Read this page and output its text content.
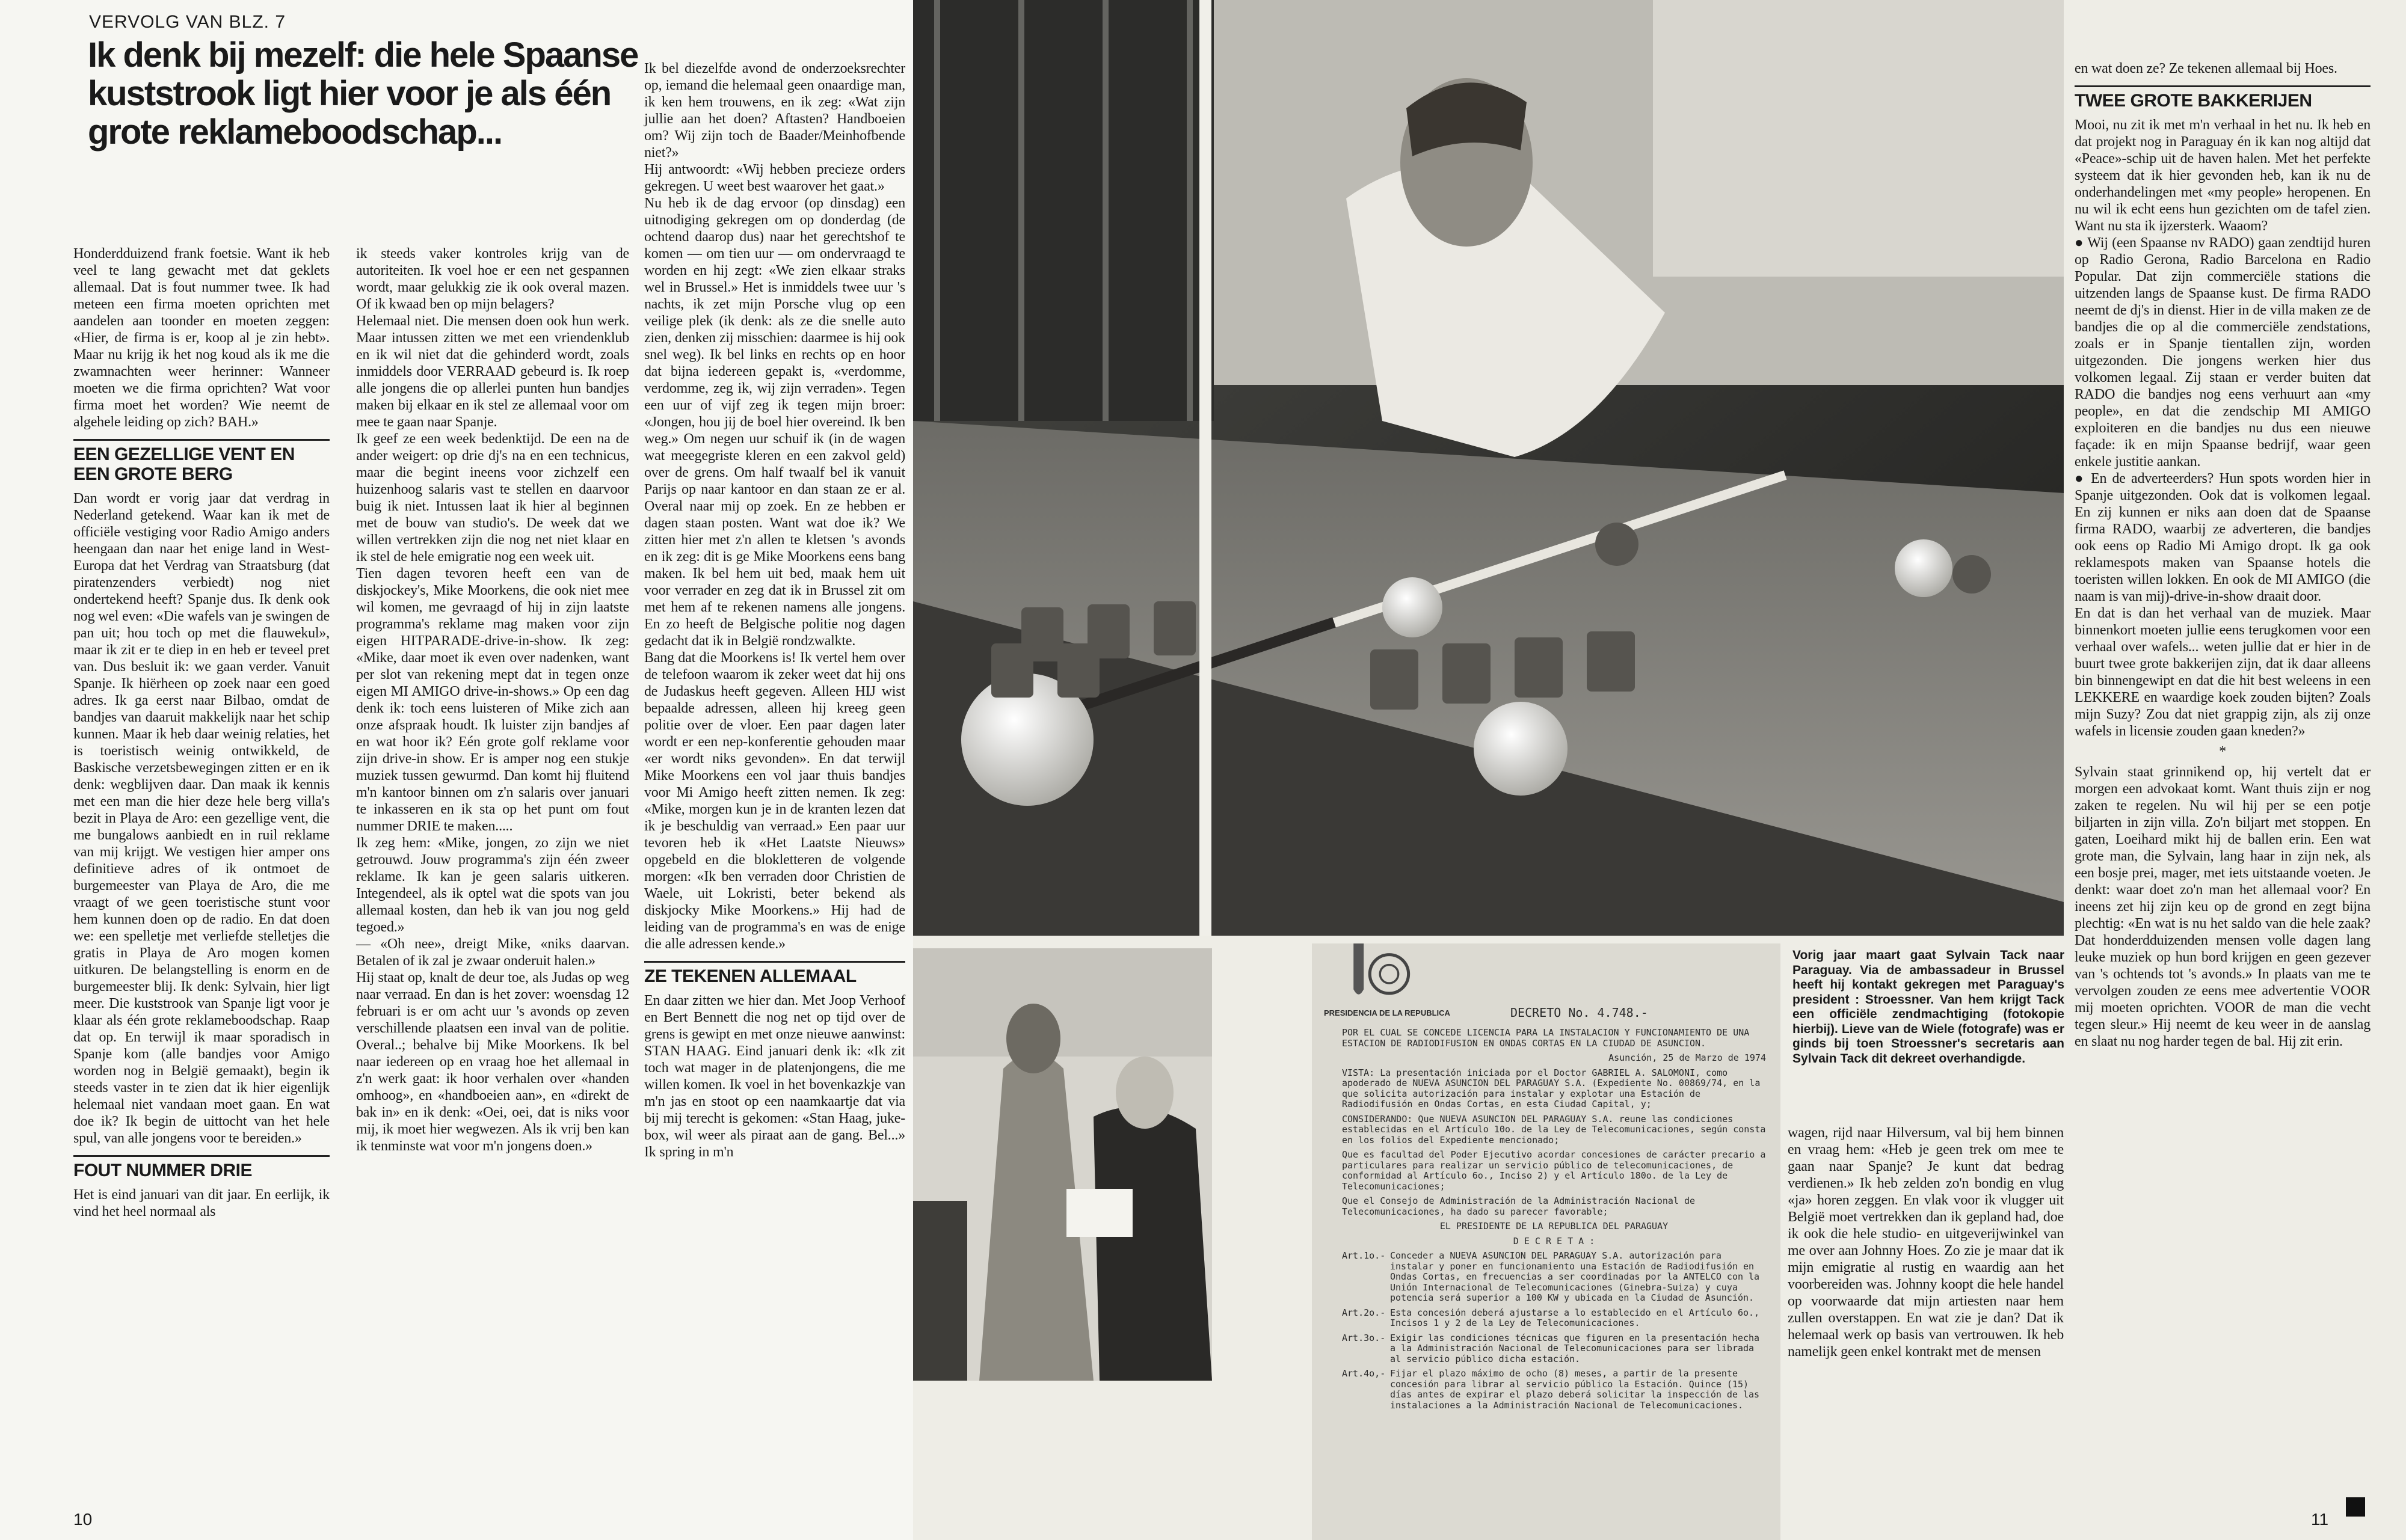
VERVOLG VAN BLZ. 7
Ik denk bij mezelf: die hele Spaanse kuststrook ligt hier voor je als één grote reklameboodschap...

Honderdduizend frank foetsie. Want ik heb veel te lang gewacht met dat geklets allemaal. Dat is fout nummer twee. Ik had meteen een firma moeten oprichten met aandelen aan toonder en moeten zeggen: «Hier, de firma is er, koop al je zin hebt». Maar nu krijg ik het nog koud als ik me die zwamnachten weer herinner: Wanneer moeten we die firma oprichten? Wat voor firma moet het worden? Wie neemt de algehele leiding op zich? BAH.»

EEN GEZELLIGE VENT EN EEN GROTE BERG

Dan wordt er vorig jaar dat verdrag in Nederland getekend. Waar kan ik met de officiële vestiging voor Radio Amigo anders heengaan dan naar het enige land in West-Europa dat het Verdrag van Straatsburg (dat piratenzenders verbiedt) nog niet ondertekend heeft? Spanje dus. Ik denk ook nog wel even: «Die wafels van je swingen de pan uit; hou toch op met die flauwekul», maar ik zit er te diep in en heb er teveel pret van. Dus besluit ik: we gaan verder. Vanuit Spanje. Ik hiërheen op zoek naar een goed adres. Ik ga eerst naar Bilbao, omdat de bandjes van daaruit makkelijk naar het schip kunnen. Maar ik heb daar weinig relaties, het is toeristisch weinig ontwikkeld, de Baskische verzetsbewegingen zitten er en ik denk: wegblijven daar. Dan maak ik kennis met een man die hier deze hele berg villa's bezit in Playa de Aro: een gezellige vent, die me bungalows aanbiedt en in ruil reklame van mij krijgt. We vestigen hier amper ons definitieve adres of ik ontmoet de burgemeester van Playa de Aro, die me vraagt of we geen toeristische stunt voor hem kunnen doen op de radio. En dat doen we: een spelletje met verliefde stelletjes die gratis in Playa de Aro mogen komen uitkuren. De belangstelling is enorm en de burgemeester blij. Ik denk: Sylvain, hier ligt meer. Die kuststrook van Spanje ligt voor je klaar als één grote reklameboodschap. Raap dat op. En terwijl ik maar sporadisch in Spanje kom (alle bandjes voor Amigo worden nog in België gemaakt), begin ik steeds vaster in te zien dat ik hier eigenlijk helemaal niet vandaan moet gaan. En wat doe ik? Ik begin de uittocht van het hele spul, van alle jongens voor te bereiden.»

FOUT NUMMER DRIE

Het is eind januari van dit jaar. En eerlijk, ik vind het heel normaal als

ik steeds vaker kontroles krijg van de autoriteiten. Ik voel hoe er een net gespannen wordt, maar gelukkig zie ik ook overal mazen. Of ik kwaad ben op mijn belagers?

Helemaal niet. Die mensen doen ook hun werk. Maar intussen zitten we met een vriendenklub en ik wil niet dat die gehinderd wordt, zoals inmiddels door VERRAAD gebeurd is. Ik roep alle jongens die op allerlei punten hun bandjes maken bij elkaar en ik stel ze allemaal voor om mee te gaan naar Spanje.

Ik geef ze een week bedenktijd. De een na de ander weigert: op drie dj's na en een technicus, maar die begint ineens voor zichzelf een huizenhoog salaris vast te stellen en daarvoor buig ik niet. Intussen laat ik hier al beginnen met de bouw van studio's. De week dat we willen vertrekken zijn die nog net niet klaar en ik stel de hele emigratie nog een week uit.

Tien dagen tevoren heeft een van de diskjockey's, Mike Moorkens, die ook niet mee wil komen, me gevraagd of hij in zijn laatste programma's reklame mag maken voor zijn eigen HITPARADE-drive-in-show. Ik zeg: «Mike, daar moet ik even over nadenken, want per slot van rekening mept dat in tegen onze eigen MI AMIGO drive-in-shows.» Op een dag denk ik: toch eens luisteren of Mike zich aan onze afspraak houdt. Ik luister zijn bandjes af en wat hoor ik? Eén grote golf reklame voor zijn drive-in show. Er is amper nog een stukje muziek tussen gewurmd. Dan komt hij fluitend m'n kantoor binnen om z'n salaris over januari te inkasseren en ik sta op het punt om fout nummer DRIE te maken.....

Ik zeg hem: «Mike, jongen, zo zijn we niet getrouwd. Jouw programma's zijn één zweer reklame. Ik kan je geen salaris uitkeren. Integendeel, als ik optel wat die spots van jou allemaal kosten, dan heb ik van jou nog geld tegoed.»

— «Oh nee», dreigt Mike, «niks daarvan. Betalen of ik zal je zwaar onderuit halen.»

Hij staat op, knalt de deur toe, als Judas op weg naar verraad. En dan is het zover: woensdag 12 februari is er om acht uur 's avonds op zeven verschillende plaatsen een inval van de politie. Overal..; behalve bij Mike Moorkens. Ik bel naar iedereen op en vraag hoe het allemaal in z'n werk gaat: ik hoor verhalen over «handen omhoog», en «handboeien aan», en «direkt de bak in» en ik denk: «Oei, oei, dat is niks voor mij, ik moet hier wegwezen. Als ik vrij ben kan ik tenminste wat voor m'n jongens doen.»

Ik bel diezelfde avond de onderzoeksrechter op, iemand die helemaal geen onaardige man, ik ken hem trouwens, en ik zeg: «Wat zijn jullie aan het doen? Aftasten? Handboeien om? Wij zijn toch de Baader/Meinhofbende niet?»

Hij antwoordt: «Wij hebben precieze orders gekregen. U weet best waarover het gaat.»

Nu heb ik de dag ervoor (op dinsdag) een uitnodiging gekregen om op donderdag (de ochtend daarop dus) naar het gerechtshof te komen — om tien uur — om ondervraagd te worden en hij zegt: «We zien elkaar straks wel in Brussel.» Het is inmiddels twee uur 's nachts, ik zet mijn Porsche vlug op een veilige plek (ik denk: als ze die snelle auto zien, denken zij misschien: daarmee is hij ook snel weg). Ik bel links en rechts op en hoor dat bijna iedereen gepakt is, «verdomme, verdomme, zeg ik, wij zijn verraden». Tegen een uur of vijf zeg ik tegen mijn broer: «Jongen, hou jij de boel hier overeind. Ik ben weg.» Om negen uur schuif ik (in de wagen wat meegegriste kleren en een zakvol geld) over de grens. Om half twaalf bel ik vanuit Parijs op naar kantoor en dan staan ze er al. Overal naar mij op zoek. En ze hebben er dagen staan posten. Want wat doe ik? We zitten hier met z'n allen te kletsen 's avonds en ik zeg: dit is ge Mike Moorkens eens bang maken. Ik bel hem uit bed, maak hem uit voor verrader en zeg dat ik in Brussel zit om met hem af te rekenen namens alle jongens. En zo heeft de Belgische politie nog dagen gedacht dat ik in België rondzwalkte.

Bang dat die Moorkens is! Ik vertel hem over de telefoon waarom ik zeker weet dat hij ons de Judaskus heeft gegeven. Alleen HIJ wist bepaalde adressen, alleen hij kreeg geen politie over de vloer. Een paar dagen later wordt er een nep-konferentie gehouden maar «er wordt niks gevonden». En dat terwijl Mike Moorkens een vol jaar thuis bandjes voor Mi Amigo heeft zitten nemen. Ik zeg: «Mike, morgen kun je in de kranten lezen dat ik je beschuldig van verraad.» Een paar uur tevoren heb ik «Het Laatste Nieuws» opgebeld en die blokletteren de volgende morgen: «Ik ben verraden door Christien de Waele, uit Lokristi, beter bekend als diskjocky Mike Moorkens.» Hij had de leiding van de programma's en was de enige die alle adressen kende.»

ZE TEKENEN ALLEMAAL

En daar zitten we hier dan. Met Joop Verhoof en Bert Bennett die nog net op tijd over de grens is gewipt en met onze nieuwe aanwinst: STAN HAAG. Eind januari denk ik: «Ik zit toch wat mager in de platenjongens, die me willen komen. Ik voel in het bovenkazkje van m'n jas en stoot op een naamkaartje dat via bij mij terecht is gekomen: «Stan Haag, juke-box, wil weer als piraat aan de gang. Bel...» Ik spring in m'n

10
PRESIDENCIA DE LA REPUBLICA	DECRETO No. 4.748.-

POR EL CUAL SE CONCEDE LICENCIA PARA LA INSTALACION Y FUNCIONAMIENTO DE UNA ESTACION DE RADIODIFUSION EN ONDAS CORTAS EN LA CIUDAD DE ASUNCION.

Asunción, 25 de Marzo de 1974

VISTA: La presentación iniciada por el Doctor GABRIEL A. SALOMONI, como apoderado de NUEVA ASUNCION DEL PARAGUAY S.A. (Expediente No. 00869/74, en la que solicita autorización para instalar y explotar una Estación de Radiodifusión en Ondas Cortas, en esta Ciudad Capital, y;

CONSIDERANDO: Que NUEVA ASUNCION DEL PARAGUAY S.A. reune las condiciones establecidas en el Artículo 10o. de la Ley de Telecomunicaciones, según consta en los folios del Expediente mencionado;

Que es facultad del Poder Ejecutivo acordar concesiones de carácter precario a particulares para realizar un servicio público de telecomunicaciones, de conformidad al Artículo 6o., Inciso 2) y el Artículo 180o. de la Ley de Telecomunicaciones;

Que el Consejo de Administración de la Administración Nacional de Telecomunicaciones, ha dado su parecer favorable;

EL PRESIDENTE DE LA REPUBLICA DEL PARAGUAY

D E C R E T A :

Art.1o.- Conceder a NUEVA ASUNCION DEL PARAGUAY S.A. autorización para instalar y poner en funcionamiento una Estación de Radiodifusión en Ondas Cortas, en frecuencias a ser coordinadas por la ANTELCO con la Unión Internacional de Telecomunicaciones (Ginebra-Suiza) y cuya potencia será superior a 100 KW y ubicada en la Ciudad de Asunción.
Art.2o.- Esta concesión deberá ajustarse a lo establecido en el Artículo 6o., Incisos 1 y 2 de la Ley de Telecomunicaciones.
Art.3o.- Exigir las condiciones técnicas que figuren en la presentación hecha a la Administración Nacional de Telecomunicaciones para ser librada al servicio público dicha estación.
Art.4o,- Fijar el plazo máximo de ocho (8) meses, a partir de la presente concesión para librar al servicio público la Estación. Quince (15) días antes de expirar el plazo deberá solicitar la inspección de las instalaciones a la Administración Nacional de Telecomunicaciones.
Vorig jaar maart gaat Sylvain Tack naar Paraguay. Via de ambassadeur in Brussel heeft hij kontakt gekregen met Paraguay's president : Stroessner. Van hem krijgt Tack een officiële zendmachtiging (fotokopie hierbij). Lieve van de Wiele (fotografe) was er ginds bij toen Stroessner's secretaris aan Sylvain Tack dit dekreet overhandigde.

wagen, rijd naar Hilversum, val bij hem binnen en vraag hem: «Heb je geen trek om mee te gaan naar Spanje? Je kunt dat bedrag verdienen.» Ik heb zelden zo'n bondig en vlug «ja» horen zeggen. En vlak voor ik vlugger uit België moet vertrekken dan ik gepland had, doe ik ook die hele studio- en uitgeverijwinkel van me over aan Johnny Hoes. Zo zie je maar dat ik mijn emigratie al rustig en waardig aan het voorbereiden was. Johnny koopt die hele handel op voorwaarde dat mijn artiesten naar hem zullen overstappen. En wat zie je dan? Dat ik helemaal werk op basis van vertrouwen. Ik heb namelijk geen enkel kontrakt met de mensen

en wat doen ze? Ze tekenen allemaal bij Hoes.

TWEE GROTE BAKKERIJEN

Mooi, nu zit ik met m'n verhaal in het nu. Ik heb en dat projekt nog in Paraguay én ik kan nog altijd dat «Peace»-schip uit de haven halen. Met het perfekte systeem dat ik hier gevonden heb, kan ik nu de onderhandelingen met «my people» heropenen. En nu wil ik echt eens hun gezichten om de tafel zien. Want nu sta ik ijzersterk. Waaom?

● Wij (een Spaanse nv RADO) gaan zendtijd huren op Radio Gerona, Radio Barcelona en Radio Popular. Dat zijn commerciële stations die uitzenden langs de Spaanse kust. De firma RADO neemt de dj's in dienst. Hier in de villa maken ze de bandjes die op al die commerciële zendstations, zoals er in Spanje tientallen zijn, worden uitgezonden. Die jongens werken hier dus volkomen legaal. Zij staan er verder buiten dat RADO die bandjes nog eens verhuurt aan «my people», en dat die zendschip MI AMIGO exploiteren en die bandjes nu dus een nieuwe façade: ik en mijn Spaanse bedrijf, waar geen enkele justitie aankan.

● En de adverteerders? Hun spots worden hier in Spanje uitgezonden. Ook dat is volkomen legaal. En zij kunnen er niks aan doen dat de Spaanse firma RADO, waarbij ze adverteren, die bandjes ook eens op Radio Mi Amigo dropt. Ik ga ook reklamespots maken van Spaanse hotels die toeristen willen lokken. En ook de MI AMIGO (die naam is van mij)-drive-in-show draait door.

En dat is dan het verhaal van de muziek. Maar binnenkort moeten jullie eens terugkomen voor een verhaal over wafels... weten jullie dat er hier in de buurt twee grote bakkerijen zijn, dat ik daar alleens bin binnengewipt en dat die hit best weleens in een LEKKERE en waardige koek zouden bijten? Zoals mijn Suzy? Zou dat niet grappig zijn, als zij onze wafels in licensie zouden gaan kneden?»

*

Sylvain staat grinnikend op, hij vertelt dat er morgen een advokaat komt. Want thuis zijn er nog zaken te regelen. Nu wil hij per se een potje biljarten in zijn villa. Zo'n biljart met stoppen. En gaten, Loeihard mikt hij de ballen erin. Een wat grote man, die Sylvain, lang haar in zijn nek, als een bosje prei, mager, met iets uitstaande voeten. Je denkt: waar doet zo'n man het allemaal voor? En ineens zet hij zijn keu op de grond en zegt bijna plechtig: «En wat is nu het saldo van die hele zaak? Dat honderdduizenden mensen volle dagen lang leuke muziek op hun bord krijgen en geen gezever van 's ochtends tot 's avonds.» In plaats van me te vervolgen zouden ze eens mee advertentie VOOR mij moeten oprichten. VOOR de man die vecht tegen sleur.» Hij neemt de keu weer in de aanslag en slaat nu nog harder tegen de bal. Hij zit erin.

11
